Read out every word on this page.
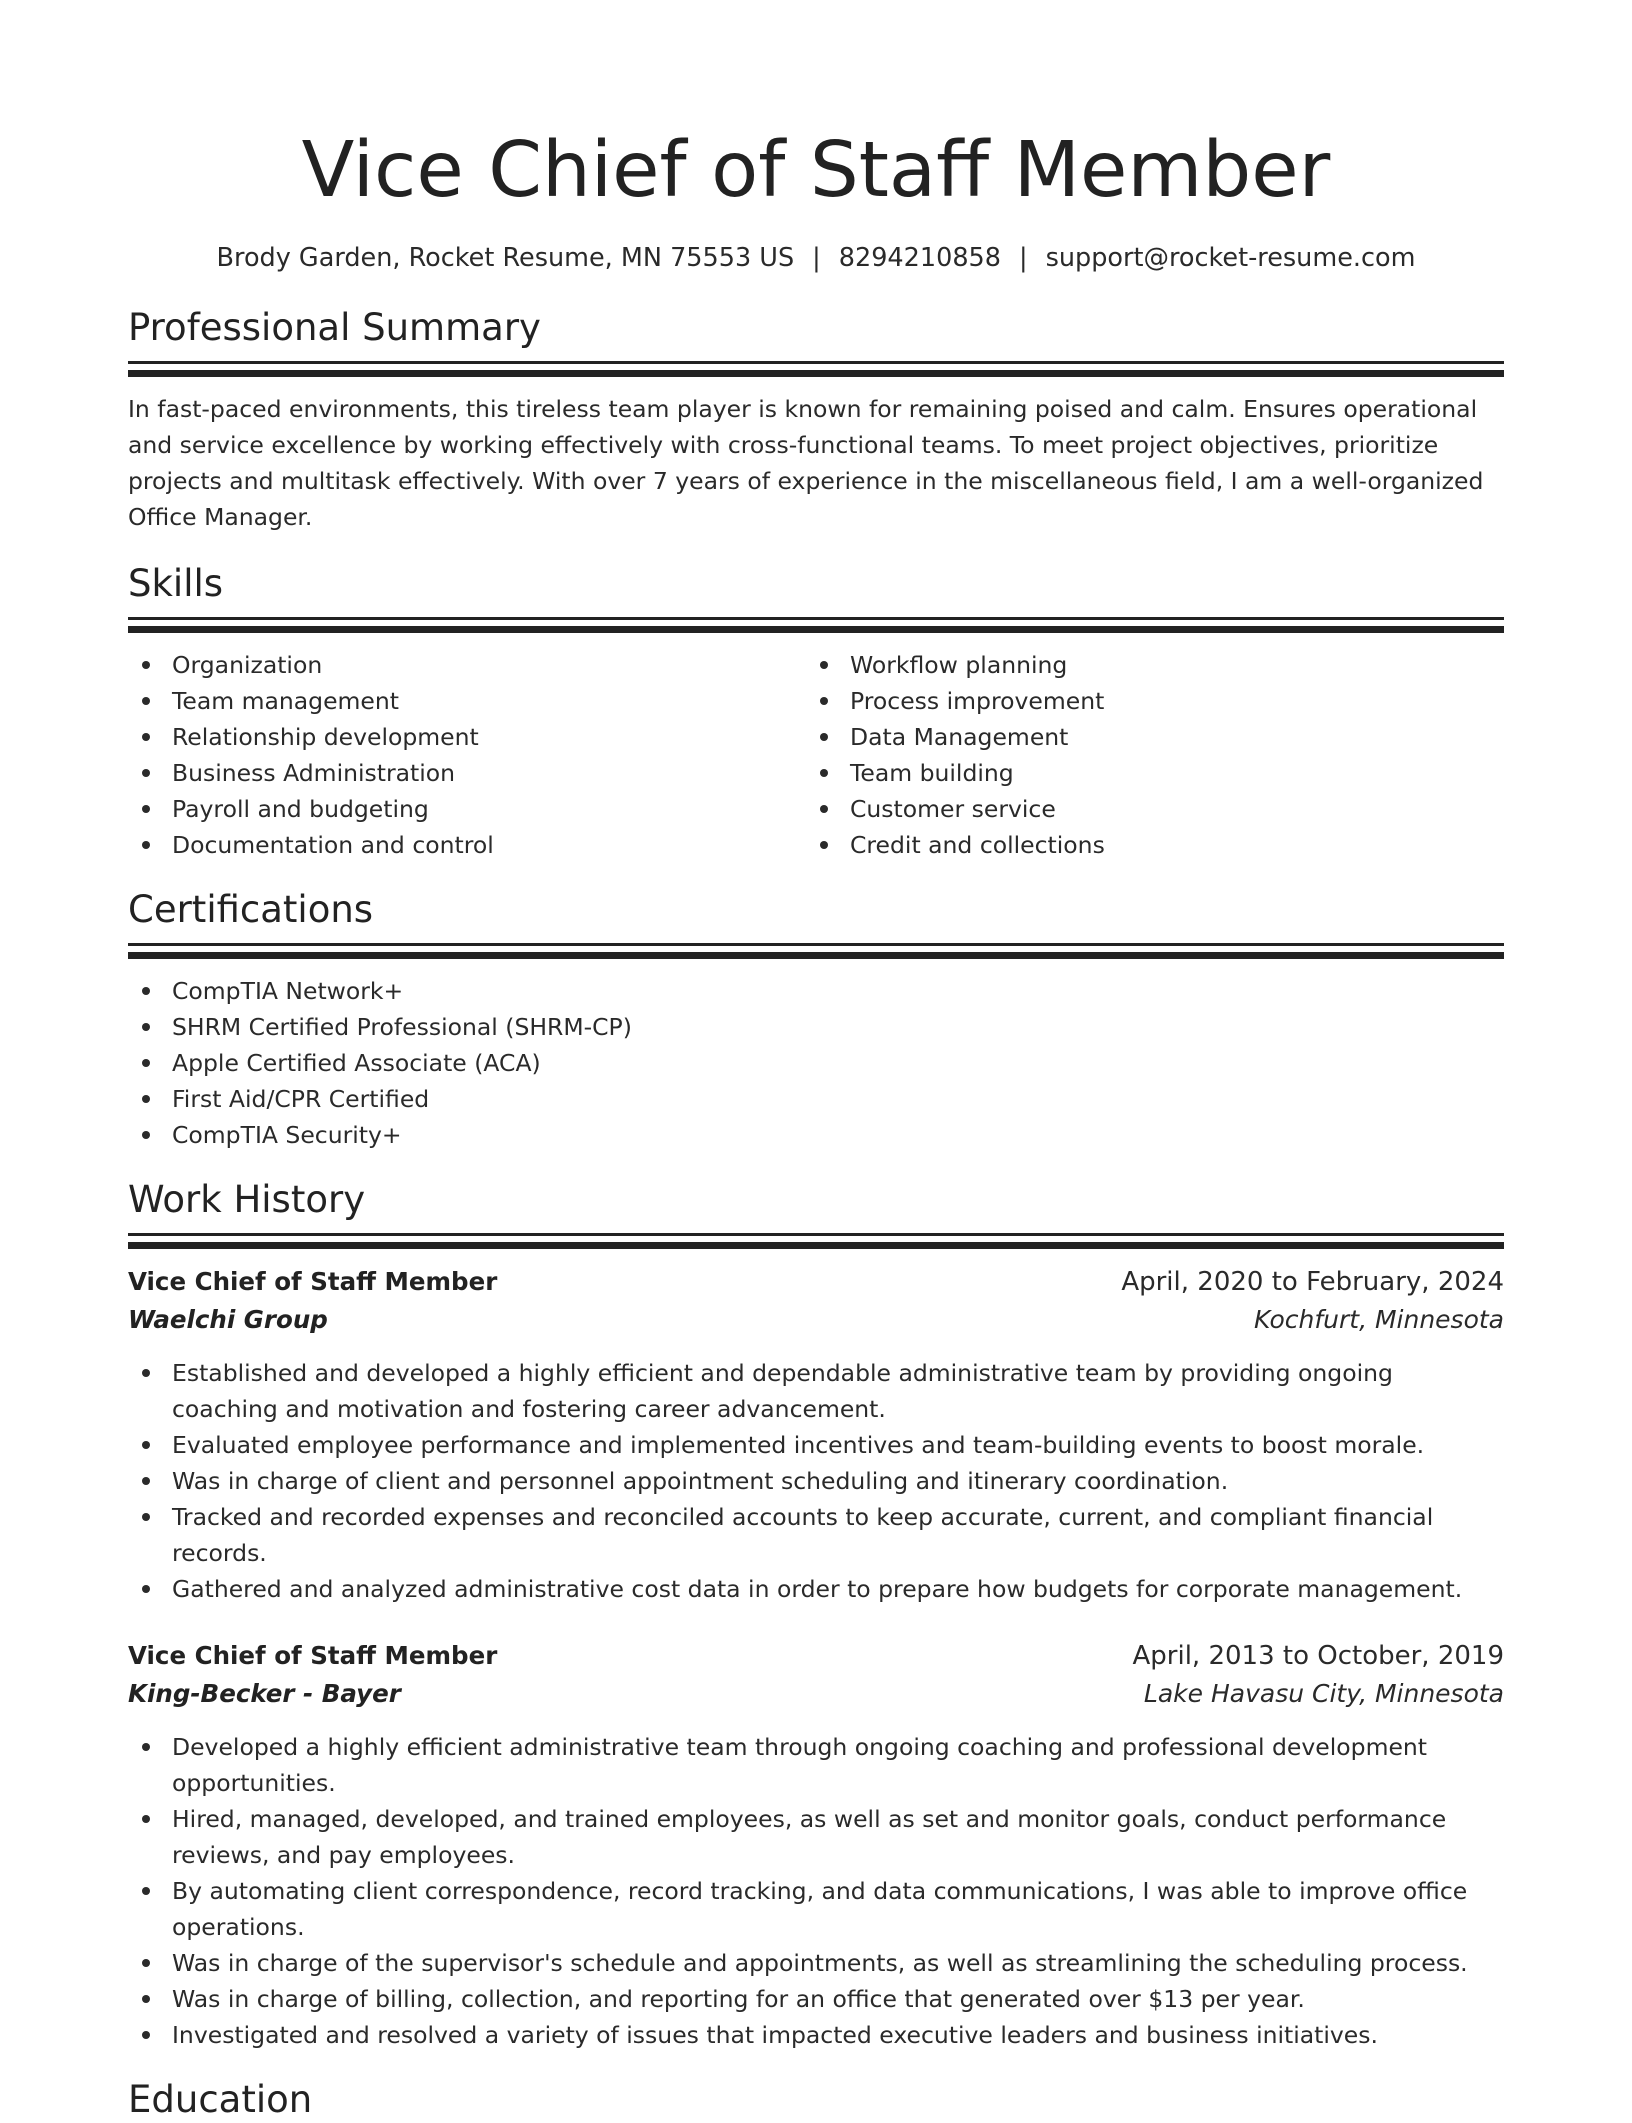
Vice Chief of Staff Member
Brody Garden, Rocket Resume, MN 75553 US | 8294210858 | support@rocket-resume.com
Professional Summary
In fast-paced environments, this tireless team player is known for remaining poised and calm. Ensures operational and service excellence by working effectively with cross-functional teams. To meet project objectives, prioritize projects and multitask effectively. With over 7 years of experience in the miscellaneous field, I am a well-organized Office Manager.
Skills
Organization
Team management
Relationship development
Business Administration
Payroll and budgeting
Documentation and control
Workflow planning
Process improvement
Data Management
Team building
Customer service
Credit and collections
Certifications
CompTIA Network+
SHRM Certified Professional (SHRM-CP)
Apple Certified Associate (ACA)
First Aid/CPR Certified
CompTIA Security+
Work History
Vice Chief of Staff Member	April, 2020 to February, 2024
Waelchi Group	Kochfurt, Minnesota
Established and developed a highly efficient and dependable administrative team by providing ongoing coaching and motivation and fostering career advancement.
Evaluated employee performance and implemented incentives and team-building events to boost morale.
Was in charge of client and personnel appointment scheduling and itinerary coordination.
Tracked and recorded expenses and reconciled accounts to keep accurate, current, and compliant financial records.
Gathered and analyzed administrative cost data in order to prepare how budgets for corporate management.
Vice Chief of Staff Member	April, 2013 to October, 2019
King-Becker - Bayer	Lake Havasu City, Minnesota
Developed a highly efficient administrative team through ongoing coaching and professional development opportunities.
Hired, managed, developed, and trained employees, as well as set and monitor goals, conduct performance reviews, and pay employees.
By automating client correspondence, record tracking, and data communications, I was able to improve office operations.
Was in charge of the supervisor's schedule and appointments, as well as streamlining the scheduling process.
Was in charge of billing, collection, and reporting for an office that generated over $13 per year.
Investigated and resolved a variety of issues that impacted executive leaders and business initiatives.
Education
